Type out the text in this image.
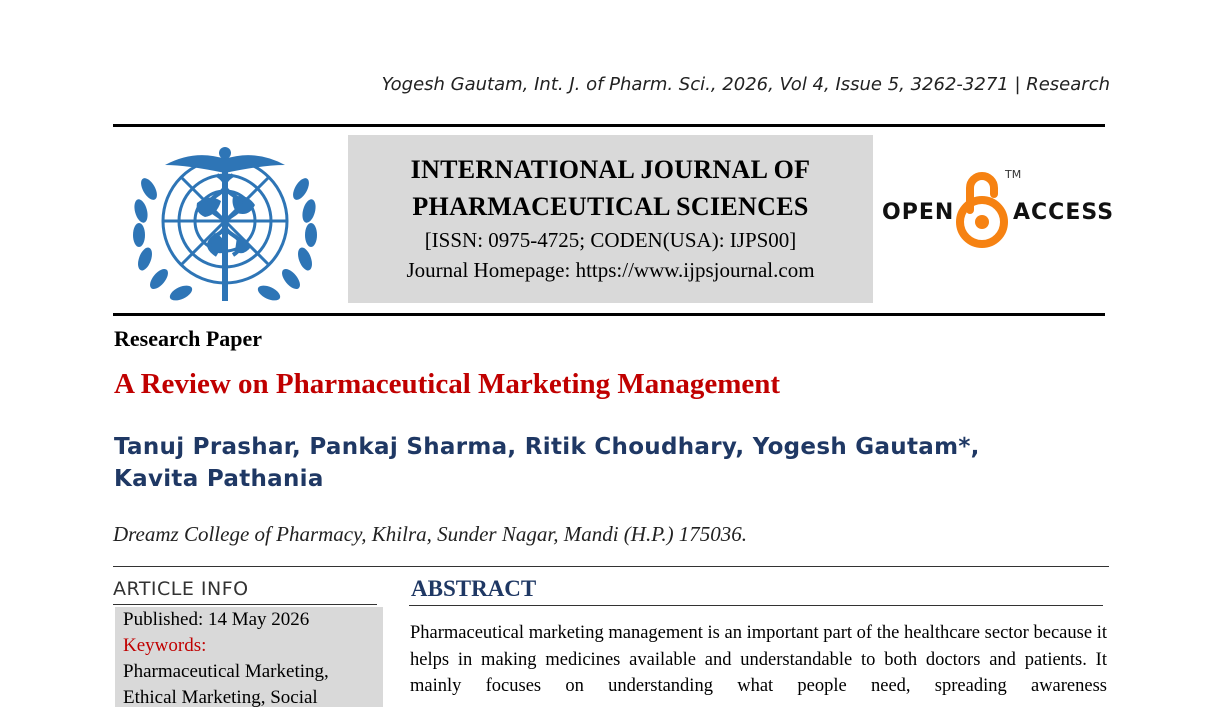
Yogesh Gautam, Int. J. of Pharm. Sci., 2026, Vol 4, Issue 5, 3262-3271 | Research
INTERNATIONAL JOURNAL OF
PHARMACEUTICAL SCIENCES
[ISSN: 0975-4725; CODEN(USA): IJPS00]
Journal Homepage: https://www.ijpsjournal.com
OPEN
TM
ACCESS
Research Paper
A Review on Pharmaceutical Marketing Management
Tanuj Prashar, Pankaj Sharma, Ritik Choudhary, Yogesh Gautam*, Kavita Pathania
Dreamz College of Pharmacy, Khilra, Sunder Nagar, Mandi (H.P.) 175036.
ARTICLE INFO
Published: 14 May 2026
Keywords:
Pharmaceutical Marketing,
Ethical Marketing, Social
ABSTRACT
Pharmaceutical marketing management is an important part of the healthcare sector because it helps in making medicines available and understandable to both doctors and patients. It mainly focuses on understanding what people need, spreading awareness
